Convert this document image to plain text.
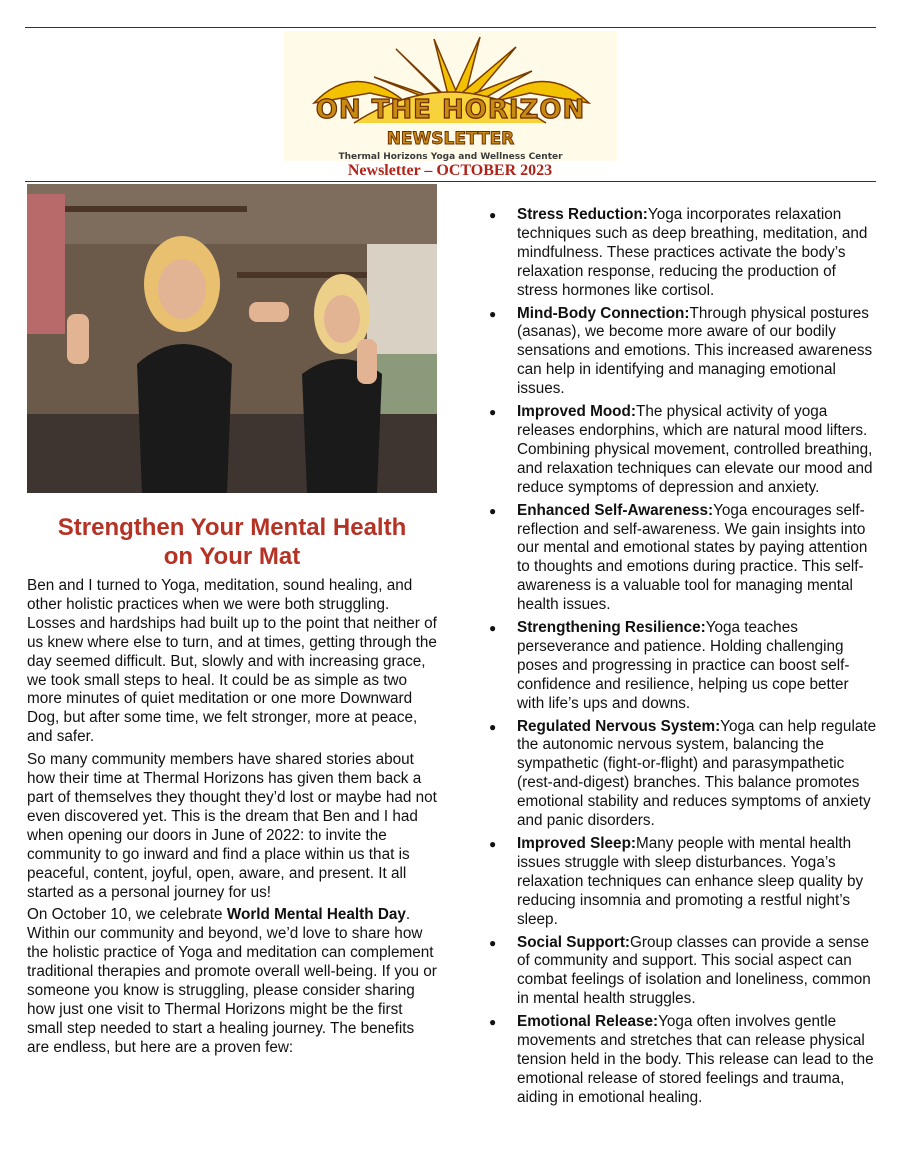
ON THE HORIZON
NEWSLETTER
Thermal Horizons Yoga and Wellness Center
Newsletter – OCTOBER 2023
Strengthen Your Mental Health
on Your Mat

Ben and I turned to Yoga, meditation, sound healing, and other holistic practices when we were both struggling. Losses and hardships had built up to the point that neither of us knew where else to turn, and at times, getting through the day seemed difficult. But, slowly and with increasing grace, we took small steps to heal. It could be as simple as two more minutes of quiet meditation or one more Downward Dog, but after some time, we felt stronger, more at peace, and safer.

So many community members have shared stories about how their time at Thermal Horizons has given them back a part of themselves they thought they’d lost or maybe had not even discovered yet. This is the dream that Ben and I had when opening our doors in June of 2022: to invite the community to go inward and find a place within us that is peaceful, content, joyful, open, aware, and present. It all started as a personal journey for us!

On October 10, we celebrate World Mental Health Day. Within our community and beyond, we’d love to share how the holistic practice of Yoga and meditation can complement traditional therapies and promote overall well-being. If you or someone you know is struggling, please consider sharing how just one visit to Thermal Horizons might be the first small step needed to start a healing journey. The benefits are endless, but here are a proven few:

● Stress Reduction:Yoga incorporates relaxation techniques such as deep breathing, meditation, and mindfulness. These practices activate the body’s relaxation response, reducing the production of stress hormones like cortisol.
● Mind-Body Connection:Through physical postures (asanas), we become more aware of our bodily sensations and emotions. This increased awareness can help in identifying and managing emotional issues.
● Improved Mood:The physical activity of yoga releases endorphins, which are natural mood lifters. Combining physical movement, controlled breathing, and relaxation techniques can elevate our mood and reduce symptoms of depression and anxiety.
● Enhanced Self-Awareness:Yoga encourages self-reflection and self-awareness. We gain insights into our mental and emotional states by paying attention to thoughts and emotions during practice. This self-awareness is a valuable tool for managing mental health issues.
● Strengthening Resilience:Yoga teaches perseverance and patience. Holding challenging poses and progressing in practice can boost self-confidence and resilience, helping us cope better with life’s ups and downs.
● Regulated Nervous System:Yoga can help regulate the autonomic nervous system, balancing the sympathetic (fight-or-flight) and parasympathetic (rest-and-digest) branches. This balance promotes emotional stability and reduces symptoms of anxiety and panic disorders.
● Improved Sleep:Many people with mental health issues struggle with sleep disturbances. Yoga’s relaxation techniques can enhance sleep quality by reducing insomnia and promoting a restful night’s sleep.
● Social Support:Group classes can provide a sense of community and support. This social aspect can combat feelings of isolation and loneliness, common in mental health struggles.
● Emotional Release:Yoga often involves gentle movements and stretches that can release physical tension held in the body. This release can lead to the emotional release of stored feelings and trauma, aiding in emotional healing.
